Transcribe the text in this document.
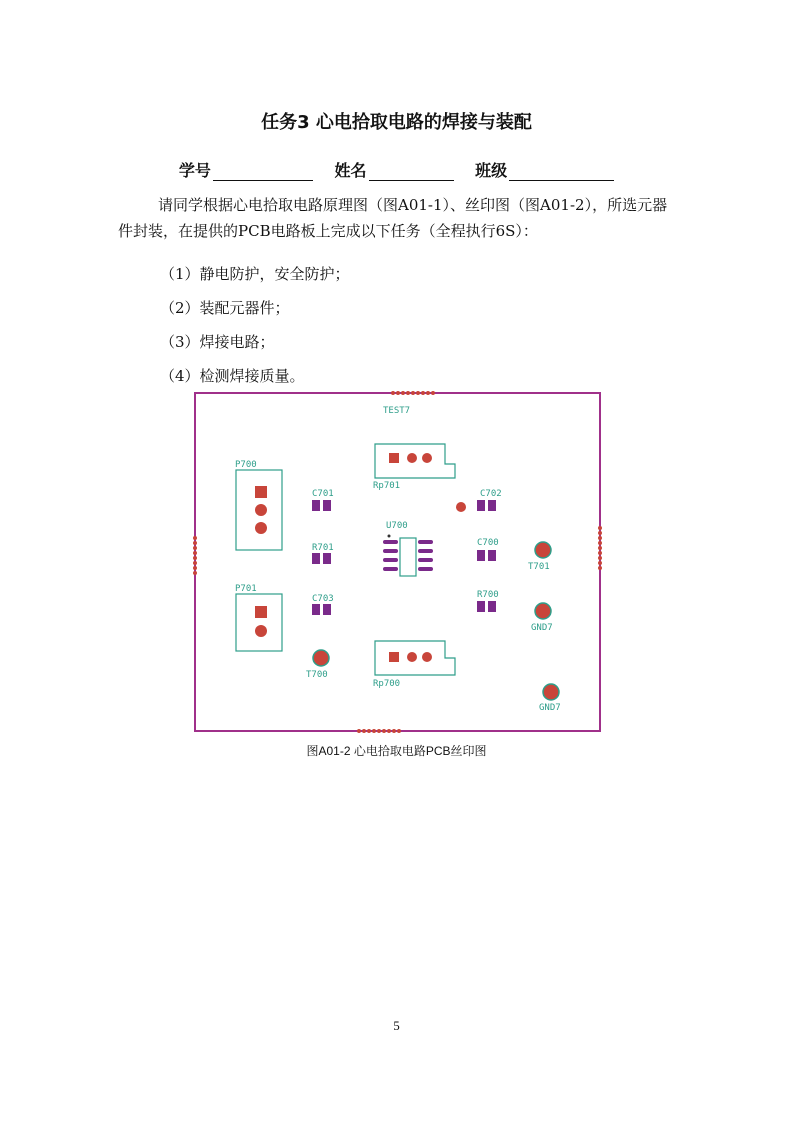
任务3 心电拾取电路的焊接与装配
学号	姓名	班级
请同学根据心电拾取电路原理图（图A01-1）、丝印图（图A01-2），所选元器件封装，在提供的PCB电路板上完成以下任务（全程执行6S）：
（1）静电防护，安全防护；
（2）装配元器件；
（3）焊接电路；
（4）检测焊接质量。
TEST7
P700
P701
C701
R701
C703
Rp701
Rp700
U700
C702
C700
R700
T701
GND7
GND7
T700
图A01-2 心电拾取电路PCB丝印图
5
